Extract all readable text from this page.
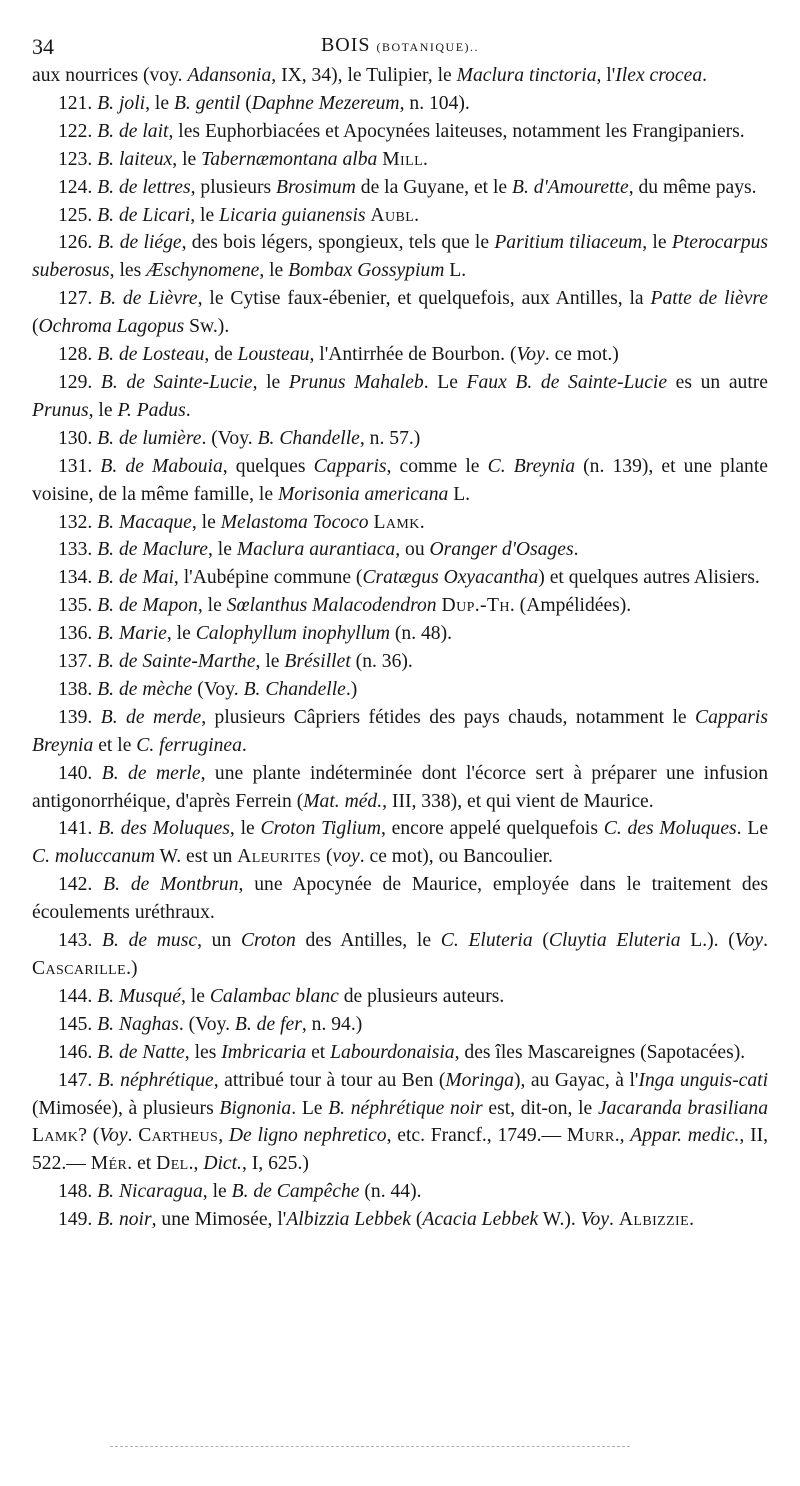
34	BOIS (BOTANIQUE)..

aux nourrices (voy. Adansonia, IX, 34), le Tulipier, le Maclura tinctoria, l'Ilex crocea.

121. B. joli, le B. gentil (Daphne Mezereum, n. 104).

122. B. de lait, les Euphorbiacées et Apocynées laiteuses, notamment les Frangipaniers.

123. B. laiteux, le Tabernæmontana alba Mill.

124. B. de lettres, plusieurs Brosimum de la Guyane, et le B. d'Amourette, du même pays.

125. B. de Licari, le Licaria guianensis Aubl.

126. B. de liége, des bois légers, spongieux, tels que le Paritium tiliaceum, le Pterocarpus suberosus, les Æschynomene, le Bombax Gossypium L.

127. B. de Lièvre, le Cytise faux-ébenier, et quelquefois, aux Antilles, la Patte de lièvre (Ochroma Lagopus Sw.).

128. B. de Losteau, de Lousteau, l'Antirrhée de Bourbon. (Voy. ce mot.)

129. B. de Sainte-Lucie, le Prunus Mahaleb. Le Faux B. de Sainte-Lucie es un autre Prunus, le P. Padus.

130. B. de lumière. (Voy. B. Chandelle, n. 57.)

131. B. de Mabouia, quelques Capparis, comme le C. Breynia (n. 139), et une plante voisine, de la même famille, le Morisonia americana L.

132. B. Macaque, le Melastoma Tococo Lamk.

133. B. de Maclure, le Maclura aurantiaca, ou Oranger d'Osages.

134. B. de Mai, l'Aubépine commune (Cratægus Oxyacantha) et quelques autres Alisiers.

135. B. de Mapon, le Sœlanthus Malacodendron Dup.-Th. (Ampélidées).

136. B. Marie, le Calophyllum inophyllum (n. 48).

137. B. de Sainte-Marthe, le Brésillet (n. 36).

138. B. de mèche (Voy. B. Chandelle.)

139. B. de merde, plusieurs Câpriers fétides des pays chauds, notamment le Capparis Breynia et le C. ferruginea.

140. B. de merle, une plante indéterminée dont l'écorce sert à préparer une infusion antigonorrhéique, d'après Ferrein (Mat. méd., III, 338), et qui vient de Maurice.

141. B. des Moluques, le Croton Tiglium, encore appelé quelquefois C. des Moluques. Le C. moluccanum W. est un Aleurites (voy. ce mot), ou Bancoulier.

142. B. de Montbrun, une Apocynée de Maurice, employée dans le traitement des écoulements uréthraux.

143. B. de musc, un Croton des Antilles, le C. Eluteria (Cluytia Eluteria L.). (Voy. Cascarille.)

144. B. Musqué, le Calambac blanc de plusieurs auteurs.

145. B. Naghas. (Voy. B. de fer, n. 94.)

146. B. de Natte, les Imbricaria et Labourdonaisia, des îles Mascareignes (Sapotacées).

147. B. néphrétique, attribué tour à tour au Ben (Moringa), au Gayac, à l'Inga unguis-cati (Mimosée), à plusieurs Bignonia. Le B. néphrétique noir est, dit-on, le Jacaranda brasiliana Lamk? (Voy. Cartheus, De ligno nephretico, etc. Francf., 1749.— Murr., Appar. medic., II, 522.— Mér. et Del., Dict., I, 625.)

148. B. Nicaragua, le B. de Campêche (n. 44).

149. B. noir, une Mimosée, l'Albizzia Lebbek (Acacia Lebbek W.). Voy. Albizzie.
